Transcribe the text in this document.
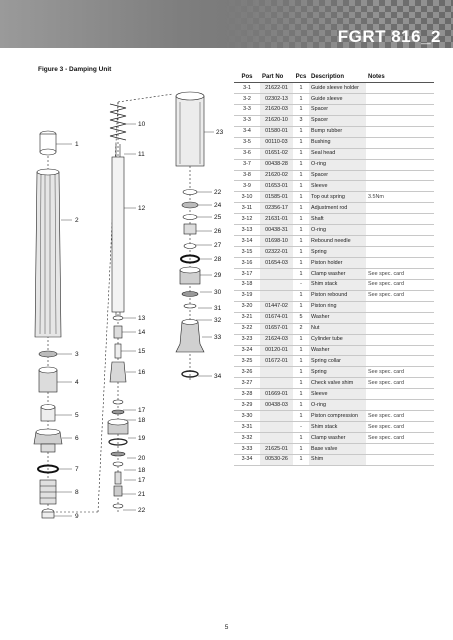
FGRT 816_2
Figure 3 - Damping Unit
1
2
3
4
5
6
7
8
9
10
11
12
13
14
15
16
17
18
19
20
18
17
21
22
23
22
24
25
26
27
28
29
30
31
32
33
34
Pos	Part No	Pcs	Description	Notes
3-1	21622-01	1	Guide sleeve holder	
3-2	02302-13	1	Guide sleeve	
3-3	21620-03	1	Spacer	
3-3	21620-10	3	Spacer	
3-4	01580-01	1	Bump rubber	
3-5	00110-03	1	Bushing	
3-6	01651-02	1	Seal head	
3-7	00438-28	1	O-ring	
3-8	21620-02	1	Spacer	
3-9	01653-01	1	Sleeve	
3-10	01585-01	1	Top out spring	3.5Nm
3-11	02356-17	1	Adjustment rod	
3-12	21631-01	1	Shaft	
3-13	00438-31	1	O-ring	
3-14	01698-10	1	Rebound needle	
3-15	02322-01	1	Spring	
3-16	01654-03	1	Piston holder	
3-17		1	Clamp washer	See spec. card
3-18		-	Shim stack	See spec. card
3-19		1	Piston rebound	See spec. card
3-20	01447-02	1	Piston ring	
3-21	01674-01	5	Washer	
3-22	01657-01	2	Nut	
3-23	21624-03	1	Cylinder tube	
3-24	00120-01	1	Washer	
3-25	01672-01	1	Spring collar	
3-26		1	Spring	See spec. card
3-27		1	Check valve shim	See spec. card
3-28	01669-01	1	Sleeve	
3-29	00438-03	1	O-ring	
3-30		1	Piston compression	See spec. card
3-31		-	Shim stack	See spec. card
3-32		1	Clamp washer	See spec. card
3-33	21625-01	1	Base valve	
3-34	00530-26	1	Shim	
5
